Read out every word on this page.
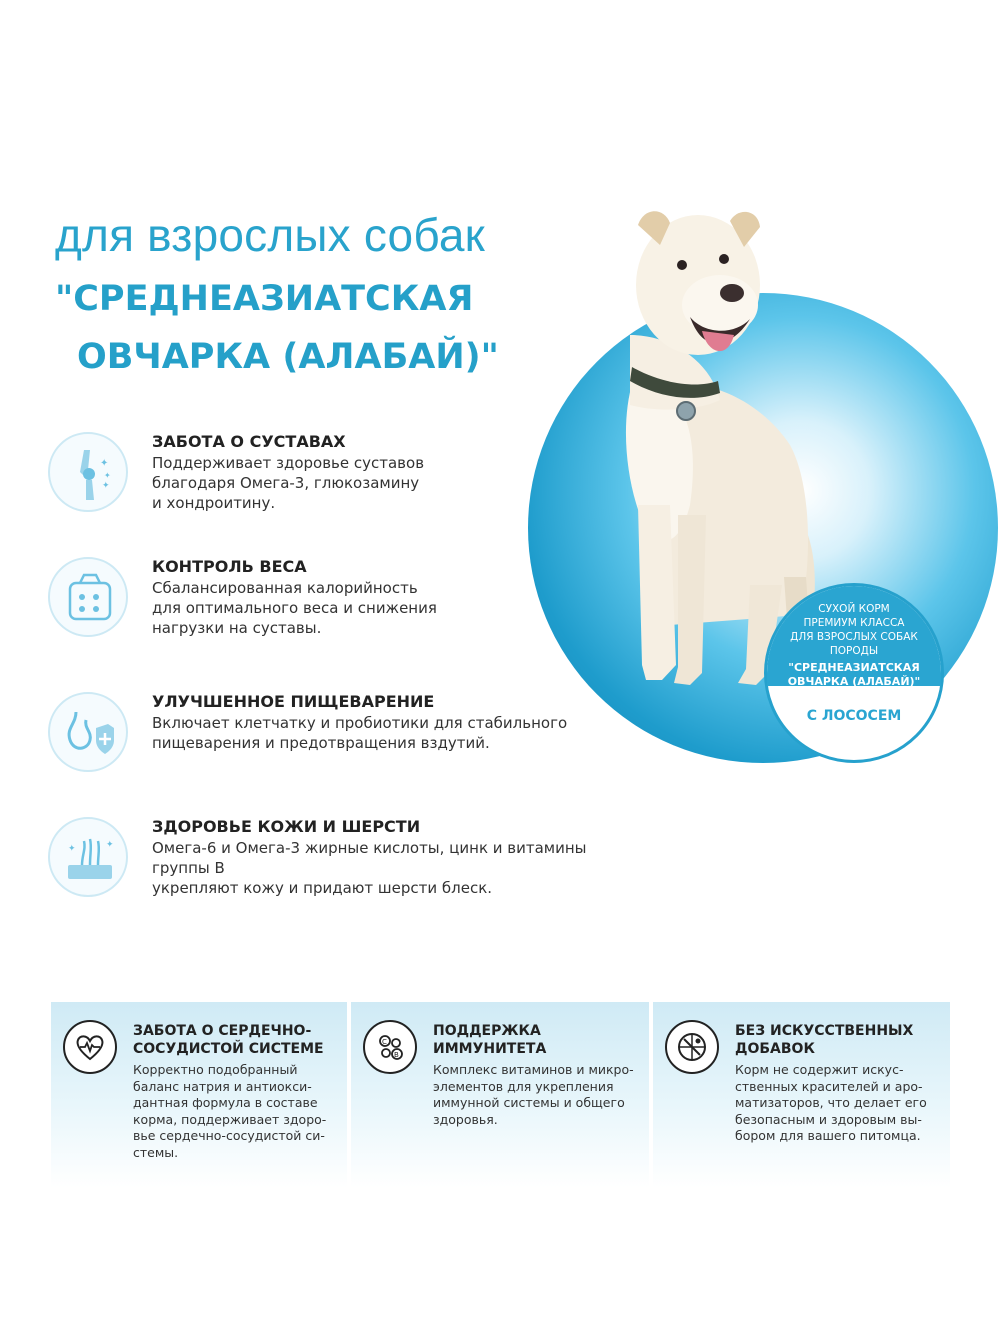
для взрослых собак
"СРЕДНЕАЗИАТСКАЯ
ОВЧАРКА (АЛАБАЙ)"
СУХОЙ КОРМ
ПРЕМИУМ КЛАССА
ДЛЯ ВЗРОСЛЫХ СОБАК
ПОРОДЫ
"СРЕДНЕАЗИАТСКАЯ
ОВЧАРКА (АЛАБАЙ)"
С ЛОСОСЕМ
✦
✦
✦
ЗАБОТА О СУСТАВАХ
Поддерживает здоровье суставов
благодаря Омега-3, глюкозамину
и хондроитину.
КОНТРОЛЬ ВЕСА
Сбалансированная калорийность
для оптимального веса и снижения
нагрузки на суставы.
УЛУЧШЕННОЕ ПИЩЕВАРЕНИЕ
Включает клетчатку и пробиотики для стабильного
пищеварения и предотвращения вздутий.
✦	✦
ЗДОРОВЬЕ КОЖИ И ШЕРСТИ
Омега-6 и Омега-3 жирные кислоты, цинк и витамины группы В
укрепляют кожу и придают шерсти блеск.
ЗАБОТА О СЕРДЕЧНО-
СОСУДИСТОЙ СИСТЕМЕ
Корректно подобранный
баланс натрия и антиокси-
дантная формула в составе
корма, поддерживает здоро-
вье сердечно-сосудистой си-
стемы.
C
B
ПОДДЕРЖКА
ИММУНИТЕТА
Комплекс витаминов и микро-
элементов для укрепления
иммунной системы и общего
здоровья.
БЕЗ ИСКУССТВЕННЫХ
ДОБАВОК
Корм не содержит искус-
ственных красителей и аро-
матизаторов, что делает его
безопасным и здоровым вы-
бором для вашего питомца.
